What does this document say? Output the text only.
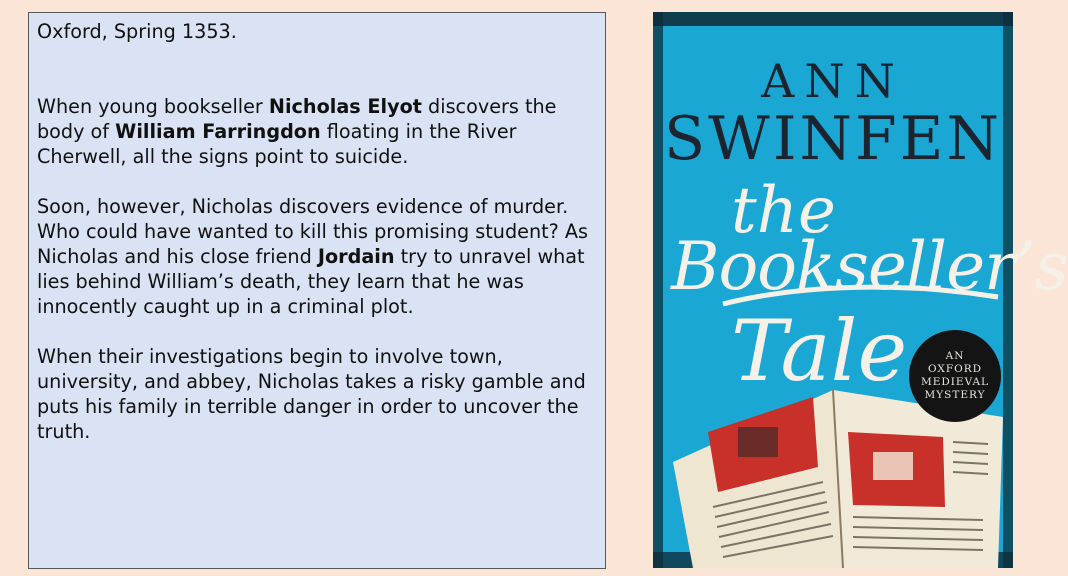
Oxford, Spring 1353.

When young bookseller Nicholas Elyot discovers the body of William Farringdon floating in the River Cherwell, all the signs point to suicide.

Soon, however, Nicholas discovers evidence of murder. Who could have wanted to kill this promising student? As Nicholas and his close friend Jordain try to unravel what lies behind William’s death, they learn that he was innocently caught up in a criminal plot.

When their investigations begin to involve town, university, and abbey, Nicholas takes a risky gamble and puts his family in terrible danger in order to uncover the truth.

ANN
SWINFEN
the
Bookseller’s
Tale	AN
OXFORD
MEDIEVAL
MYSTERY
